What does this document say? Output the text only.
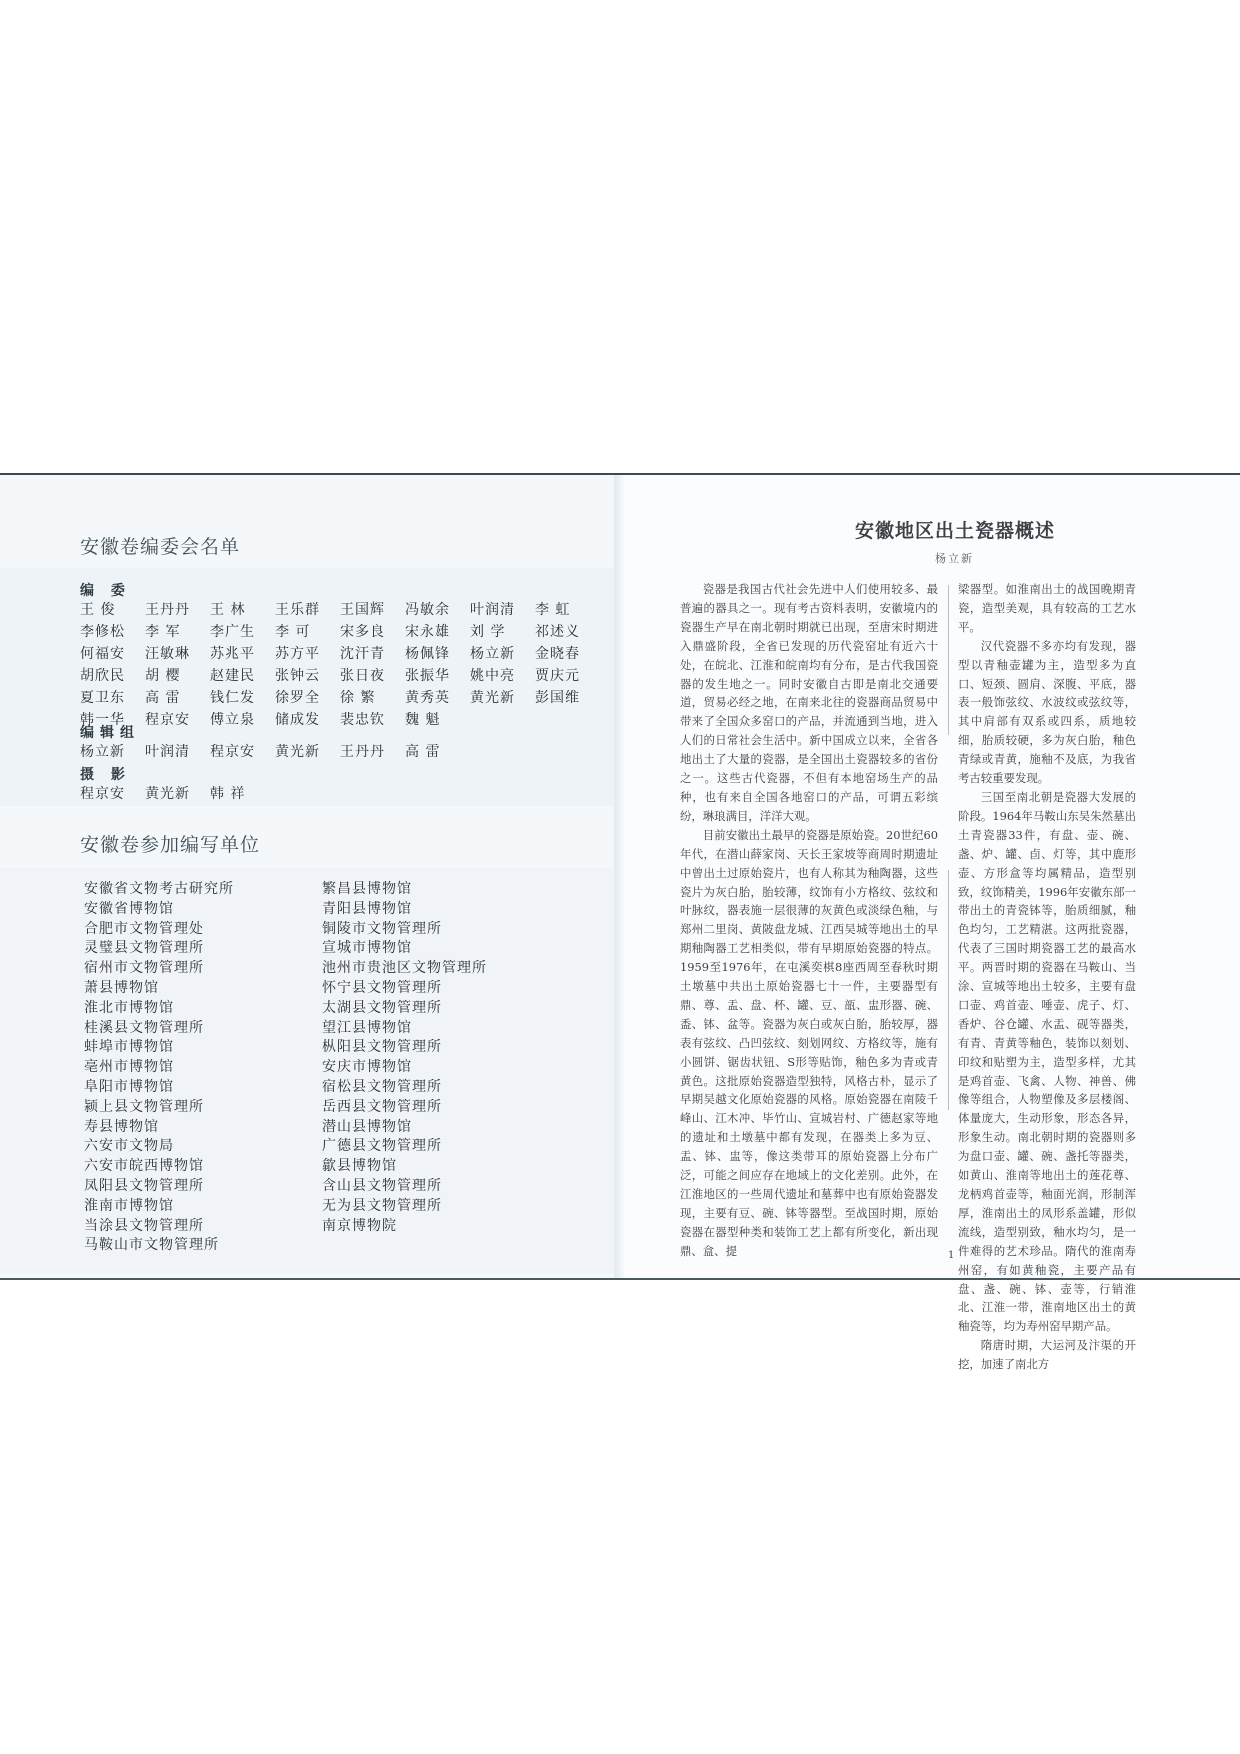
安徽卷编委会名单
编 委
王 俊	王丹丹	王 林	王乐群	王国辉	冯敏余	叶润清	李 虹
李修松	李 军	李广生	李 可	宋多良	宋永雄	刘 学	祁述义
何福安	汪敏琳	苏兆平	苏方平	沈汗青	杨佩锋	杨立新	金晓春
胡欣民	胡 樱	赵建民	张钟云	张日夜	张振华	姚中亮	贾庆元
夏卫东	高 雷	钱仁发	徐罗全	徐 繁	黄秀英	黄光新	彭国维
韩一华	程京安	傅立泉	储成发	裴忠钦	魏 魁
编辑组
杨立新	叶润清	程京安	黄光新	王丹丹	高 雷
摄 影
程京安	黄光新	韩 祥
安徽卷参加编写单位
安徽省文物考古研究所
安徽省博物馆
合肥市文物管理处
灵璧县文物管理所
宿州市文物管理所
萧县博物馆
淮北市博物馆
桂溪县文物管理所
蚌埠市博物馆
亳州市博物馆
阜阳市博物馆
颍上县文物管理所
寿县博物馆
六安市文物局
六安市皖西博物馆
凤阳县文物管理所
淮南市博物馆
当涂县文物管理所
马鞍山市文物管理所
繁昌县博物馆
青阳县博物馆
铜陵市文物管理所
宣城市博物馆
池州市贵池区文物管理所
怀宁县文物管理所
太湖县文物管理所
望江县博物馆
枞阳县文物管理所
安庆市博物馆
宿松县文物管理所
岳西县文物管理所
潜山县博物馆
广德县文物管理所
歙县博物馆
含山县文物管理所
无为县文物管理所
南京博物院
安徽地区出土瓷器概述
杨立新

瓷器是我国古代社会先进中人们使用较多、最普遍的器具之一。现有考古资料表明，安徽境内的瓷器生产早在南北朝时期就已出现，至唐宋时期进入鼎盛阶段，全省已发现的历代瓷窑址有近六十处，在皖北、江淮和皖南均有分布，是古代我国瓷器的发生地之一。同时安徽自古即是南北交通要道，贸易必经之地，在南来北往的瓷器商品贸易中带来了全国众多窑口的产品，并流通到当地，进入人们的日常社会生活中。新中国成立以来，全省各地出土了大量的瓷器，是全国出土瓷器较多的省份之一。这些古代瓷器，不但有本地窑场生产的品种，也有来自全国各地窑口的产品，可谓五彩缤纷，琳琅满目，洋洋大观。

目前安徽出土最早的瓷器是原始瓷。20世纪60年代，在潜山薛家岗、天长王家坡等商周时期遗址中曾出土过原始瓷片，也有人称其为釉陶器，这些瓷片为灰白胎，胎较薄，纹饰有小方格纹、弦纹和叶脉纹，器表施一层很薄的灰黄色或淡绿色釉，与郑州二里岗、黄陂盘龙城、江西吴城等地出土的早期釉陶器工艺相类似，带有早期原始瓷器的特点。1959至1976年，在屯溪奕棋8座西周至春秋时期土墩墓中共出土原始瓷器七十一件，主要器型有鼎、尊、盂、盘、杯、罐、豆、瓿、盅形器、碗、盉、钵、盆等。瓷器为灰白或灰白胎，胎较厚，器表有弦纹、凸凹弦纹、刻划网纹、方格纹等，施有小圆饼、锯齿状钮、S形等贴饰，釉色多为青或青黄色。这批原始瓷器造型独特，风格古朴，显示了早期吴越文化原始瓷器的风格。原始瓷器在南陵千峰山、江木冲、毕竹山、宣城岩村、广德赵家等地的遗址和土墩墓中都有发现，在器类上多为豆、盂、钵、盅等，像这类带耳的原始瓷器上分布广泛，可能之间应存在地域上的文化差别。此外，在江淮地区的一些周代遗址和墓葬中也有原始瓷器发现，主要有豆、碗、钵等器型。至战国时期，原始瓷器在器型种类和装饰工艺上都有所变化，新出现鼎、盒、提

梁器型。如淮南出土的战国晚期青瓷，造型美观，具有较高的工艺水平。

汉代瓷器不多亦均有发现，器型以青釉壶罐为主，造型多为直口、短颈、圆肩、深腹、平底，器表一般饰弦纹、水波纹或弦纹等，其中肩部有双系或四系，质地较细，胎质较硬，多为灰白胎，釉色青绿或青黄，施釉不及底，为我省考古较重要发现。

三国至南北朝是瓷器大发展的阶段。1964年马鞍山东吴朱然墓出土青瓷器33件，有盘、壶、碗、盏、炉、罐、卣、灯等，其中鹿形壶、方形盒等均属精品，造型别致，纹饰精美，1996年安徽东部一带出土的青瓷钵等，胎质细腻，釉色均匀，工艺精湛。这两批瓷器，代表了三国时期瓷器工艺的最高水平。两晋时期的瓷器在马鞍山、当涂、宣城等地出土较多，主要有盘口壶、鸡首壶、唾壶、虎子、灯、香炉、谷仓罐、水盂、砚等器类，有青、青黄等釉色，装饰以刻划、印纹和贴塑为主，造型多样，尤其是鸡首壶、飞禽、人物、神兽、佛像等组合，人物塑像及多层楼阁、体量庞大，生动形象，形态各异，形象生动。南北朝时期的瓷器则多为盘口壶、罐、碗、盏托等器类，如黄山、淮南等地出土的莲花尊、龙柄鸡首壶等，釉面光润，形制浑厚，淮南出土的凤形系盖罐，形似流线，造型别致，釉水均匀，是一件难得的艺术珍品。隋代的淮南寿州窑，有如黄釉瓷，主要产品有盘、盏、碗、钵、壶等，行销淮北、江淮一带，淮南地区出土的黄釉瓷等，均为寿州窑早期产品。

隋唐时期，大运河及汴渠的开挖，加速了南北方

1
